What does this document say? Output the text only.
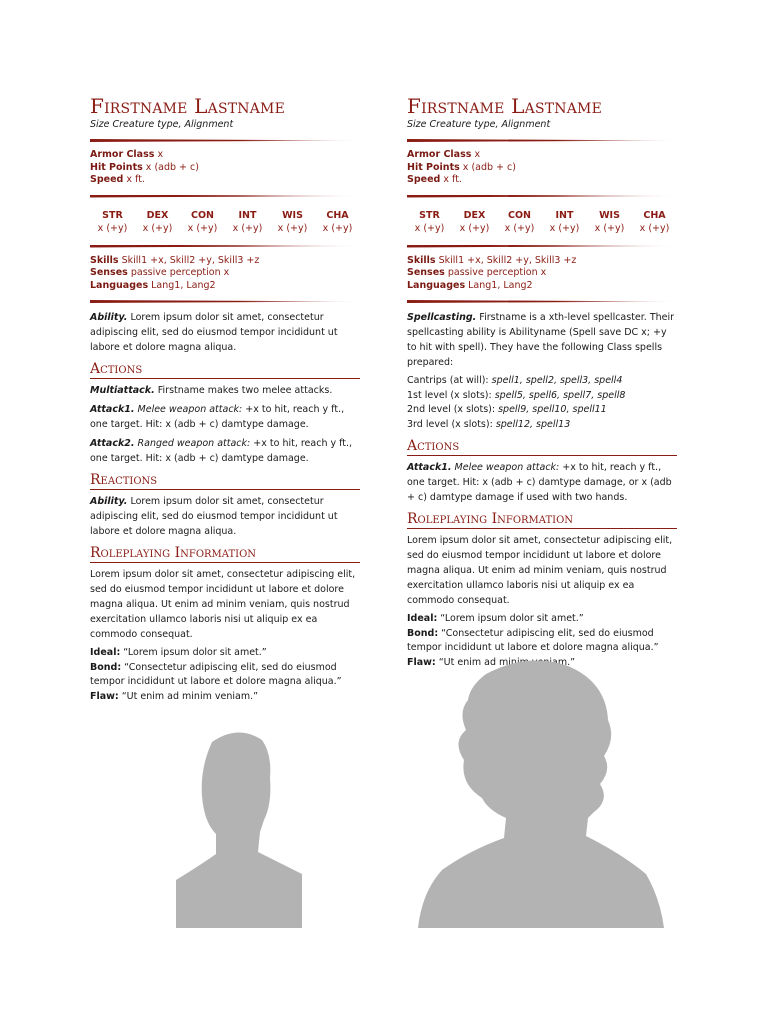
Firstname Lastname
Size Creature type, Alignment
Armor Class x
Hit Points x (adb + c)
Speed x ft.
STR
x (+y)
DEX
x (+y)
CON
x (+y)
INT
x (+y)
WIS
x (+y)
CHA
x (+y)
Skills Skill1 +x, Skill2 +y, Skill3 +z
Senses passive perception x
Languages Lang1, Lang2

Ability. Lorem ipsum dolor sit amet, consectetur adipiscing elit, sed do eiusmod tempor incididunt ut labore et dolore magna aliqua.

Actions

Multiattack. Firstname makes two melee attacks.

Attack1. Melee weapon attack: +x to hit, reach y ft., one target. Hit: x (adb + c) damtype damage.

Attack2. Ranged weapon attack: +x to hit, reach y ft., one target. Hit: x (adb + c) damtype damage.

Reactions

Ability. Lorem ipsum dolor sit amet, consectetur adipiscing elit, sed do eiusmod tempor incididunt ut labore et dolore magna aliqua.

Roleplaying Information

Lorem ipsum dolor sit amet, consectetur adipiscing elit, sed do eiusmod tempor incididunt ut labore et dolore magna aliqua. Ut enim ad minim veniam, quis nostrud exercitation ullamco laboris nisi ut aliquip ex ea commodo consequat.

Ideal: “Lorem ipsum dolor sit amet.”

Bond: “Consectetur adipiscing elit, sed do eiusmod tempor incididunt ut labore et dolore magna aliqua.”

Flaw: “Ut enim ad minim veniam.”

Firstname Lastname
Size Creature type, Alignment
Armor Class x
Hit Points x (adb + c)
Speed x ft.
STR
x (+y)
DEX
x (+y)
CON
x (+y)
INT
x (+y)
WIS
x (+y)
CHA
x (+y)
Skills Skill1 +x, Skill2 +y, Skill3 +z
Senses passive perception x
Languages Lang1, Lang2

Spellcasting. Firstname is a xth-level spellcaster. Their spellcasting ability is Abilityname (Spell save DC x; +y to hit with spell). They have the following Class spells prepared:

Cantrips (at will): spell1, spell2, spell3, spell4

1st level (x slots): spell5, spell6, spell7, spell8

2nd level (x slots): spell9, spell10, spell11

3rd level (x slots): spell12, spell13

Actions

Attack1. Melee weapon attack: +x to hit, reach y ft., one target. Hit: x (adb + c) damtype damage, or x (adb + c) damtype damage if used with two hands.

Roleplaying Information

Lorem ipsum dolor sit amet, consectetur adipiscing elit, sed do eiusmod tempor incididunt ut labore et dolore magna aliqua. Ut enim ad minim veniam, quis nostrud exercitation ullamco laboris nisi ut aliquip ex ea commodo consequat.

Ideal: “Lorem ipsum dolor sit amet.”

Bond: “Consectetur adipiscing elit, sed do eiusmod tempor incididunt ut labore et dolore magna aliqua.”

Flaw: “Ut enim ad minim veniam.”
